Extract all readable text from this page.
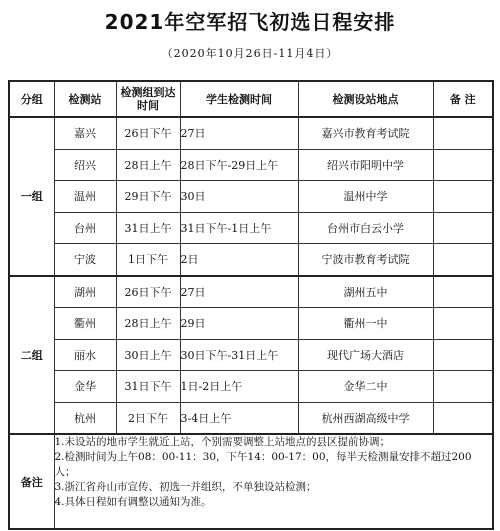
2021年空军招飞初选日程安排
（2020年10月26日-11月4日）
分组	检测站	检测组到达时间	学生检测时间	检测设站地点	备 注
一组	嘉兴	26日下午	27日	嘉兴市教育考试院	
	绍兴	28日上午	28日下午-29日上午	绍兴市阳明中学	
	温州	29日下午	30日	温州中学	
	台州	31日上午	31日下午-1日上午	台州市白云小学	
	宁波	1日下午	2日	宁波市教育考试院	
二组	湖州	26日下午	27日	湖州五中	
	衢州	28日上午	29日	衢州一中	
	丽水	30日上午	30日下午-31日上午	现代广场大酒店	
	金华	31日下午	1日-2日上午	金华二中	
	杭州	2日下午	3-4日上午	杭州西湖高级中学	
备注	1.未设站的地市学生就近上站，个别需要调整上站地点的县区提前协调；
2.检测时间为上午08：00-11：30，下午14：00-17：00，每半天检测量安排不超过200人；
3.浙江省舟山市宣传、初选一并组织，不单独设站检测；
4.具体日程如有调整以通知为准。				
